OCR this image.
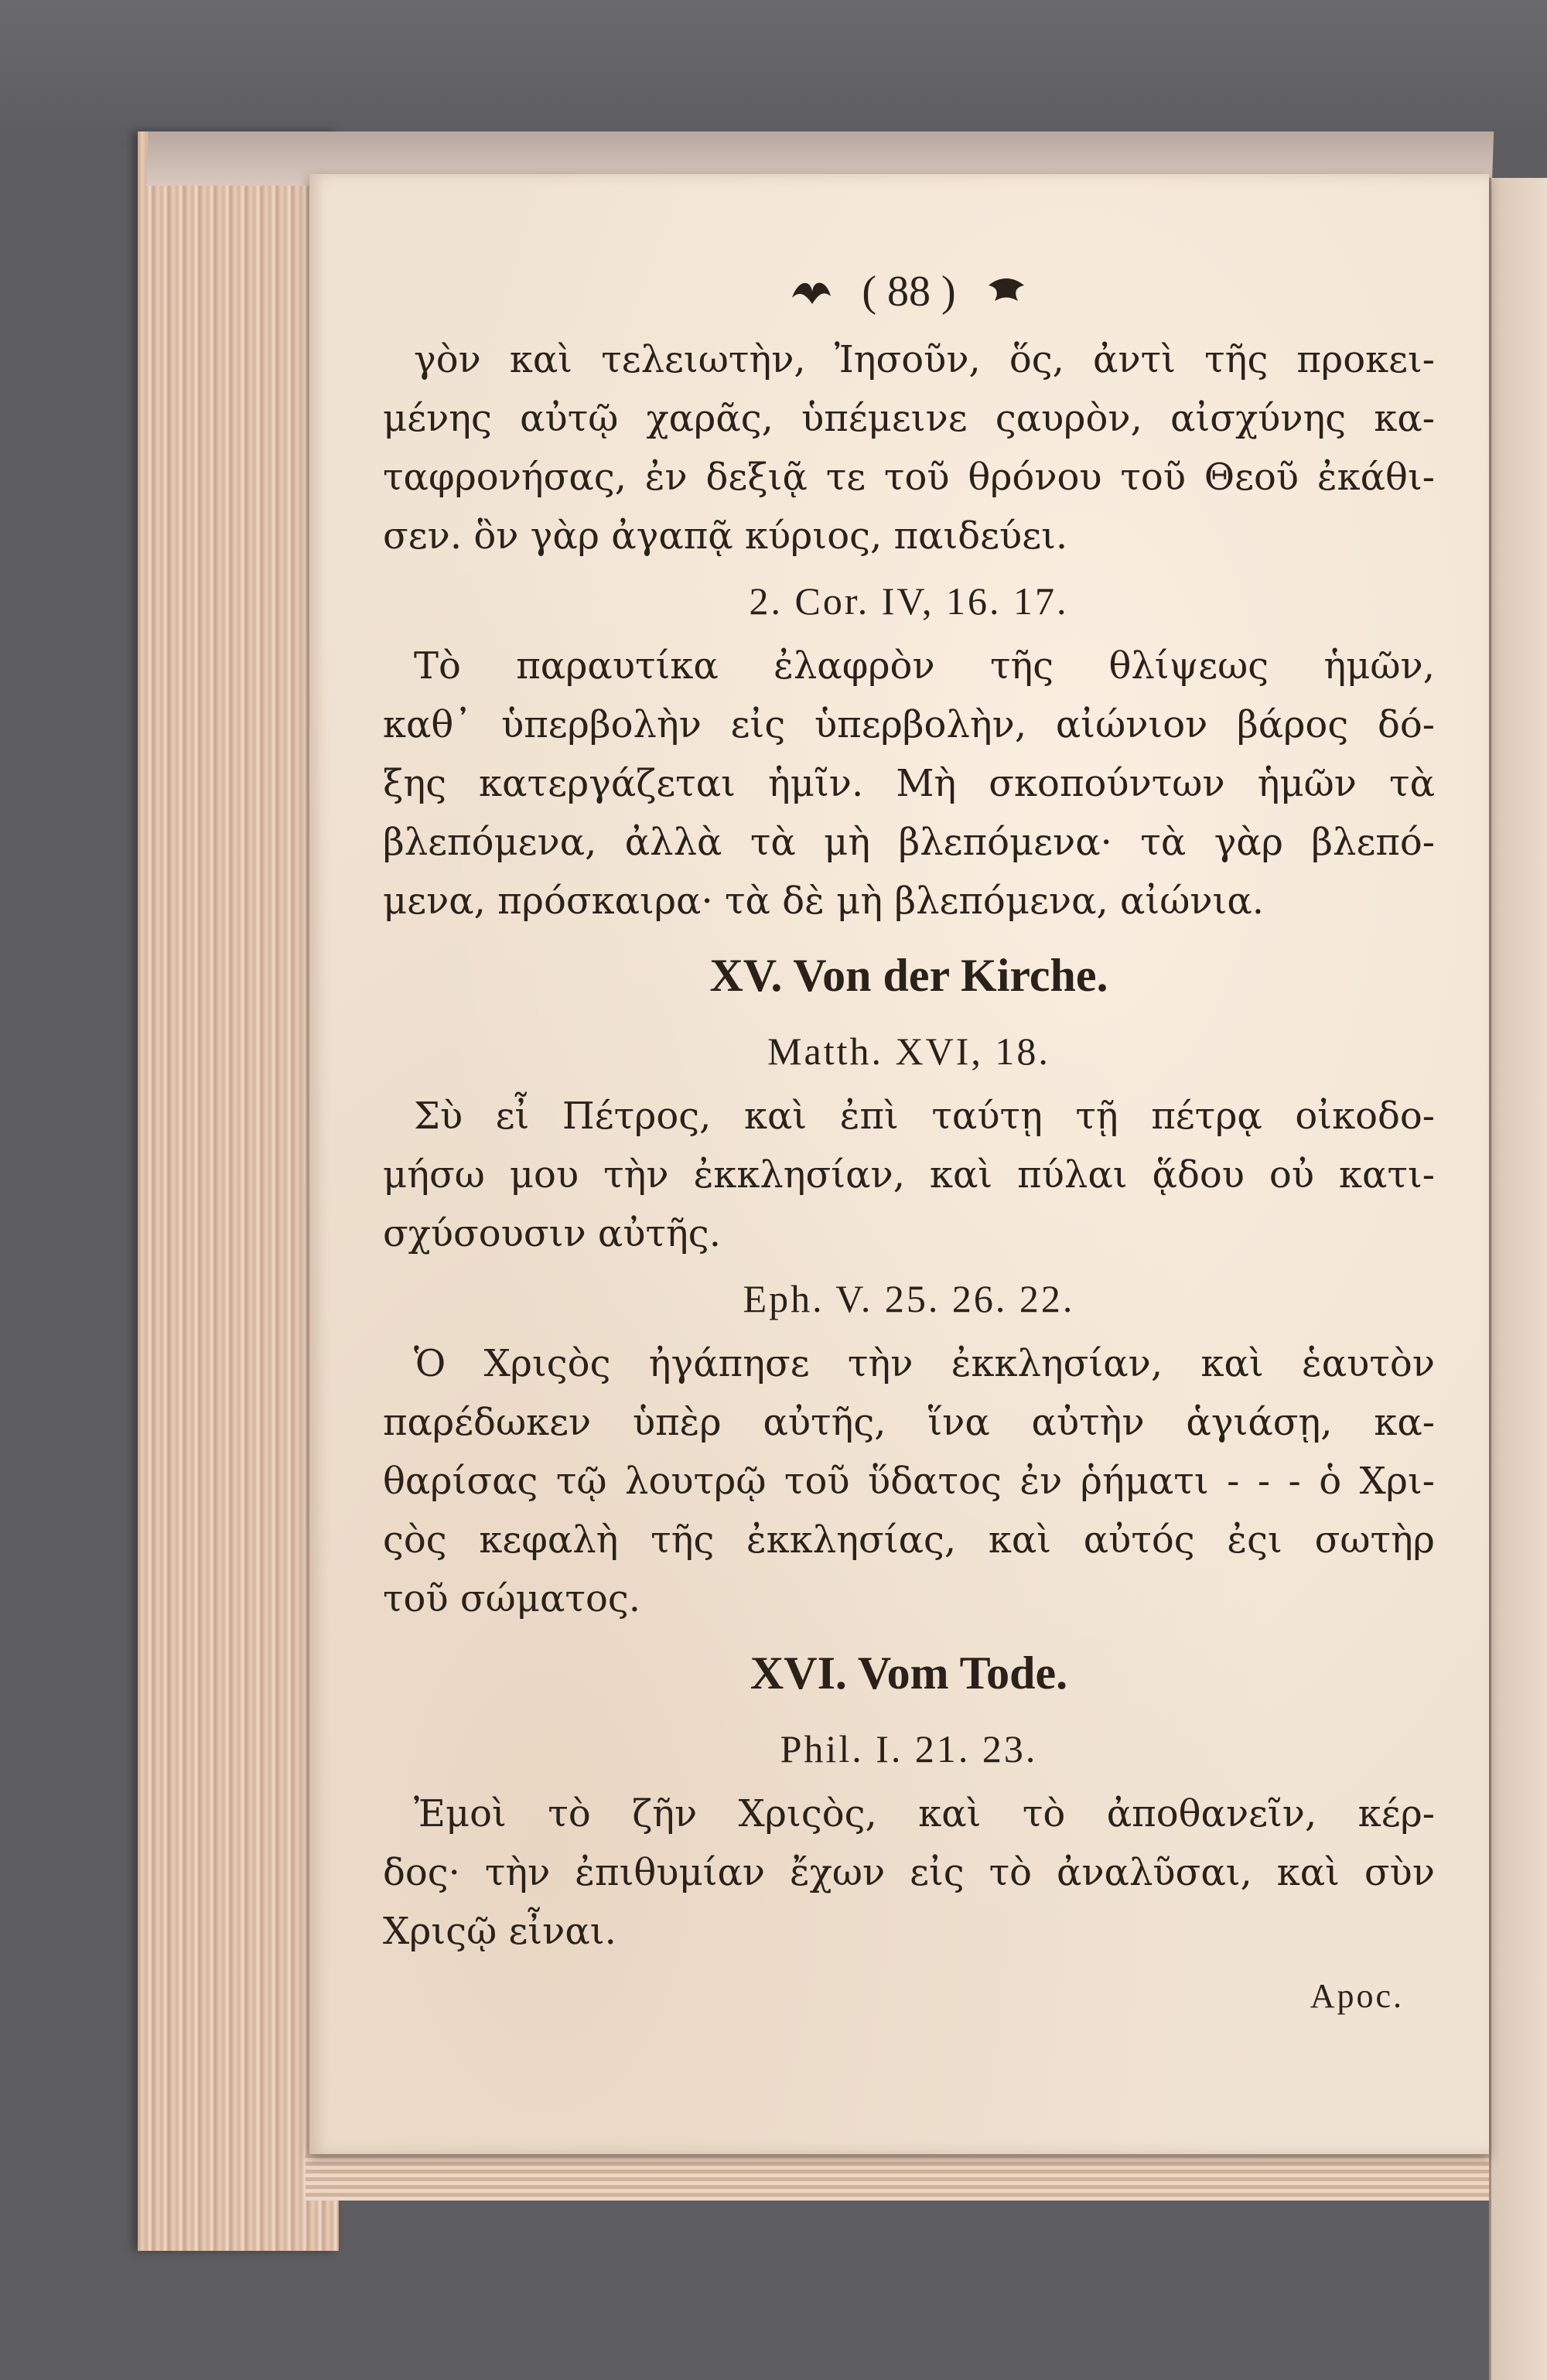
( 88 )
γὸν καὶ τελειωτὴν, Ἰησοῦν, ὅς, ἀντὶ τῆς προκει-
μένης αὐτῷ χαρᾶς, ὑπέμεινε ςαυρὸν, αἰσχύνης κα-
ταφρονήσας, ἐν δεξιᾷ τε τοῦ θρόνου τοῦ Θεοῦ ἐκάθι-
σεν. ὃν γὰρ ἀγαπᾷ κύριος, παιδεύει.
2. Cor. IV, 16. 17.
Τὸ παραυτίκα ἐλαφρὸν τῆς θλίψεως ἡμῶν,
καθ᾽ ὑπερβολὴν εἰς ὑπερβολὴν, αἰώνιον βάρος δό-
ξης κατεργάζεται ἡμῖν. Μὴ σκοπούντων ἡμῶν τὰ
βλεπόμενα, ἀλλὰ τὰ μὴ βλεπόμενα· τὰ γὰρ βλεπό-
μενα, πρόσκαιρα· τὰ δὲ μὴ βλεπόμενα, αἰώνια.
XV. Von der Kirche.
Matth. XVI, 18.
Σὺ εἶ Πέτρος, καὶ ἐπὶ ταύτῃ τῇ πέτρᾳ οἰκοδο-
μήσω μου τὴν ἐκκλησίαν, καὶ πύλαι ᾅδου οὐ κατι-
σχύσουσιν αὐτῆς.
Eph. V. 25. 26. 22.
Ὁ Χριςὸς ἠγάπησε τὴν ἐκκλησίαν, καὶ ἑαυτὸν
παρέδωκεν ὑπὲρ αὐτῆς, ἵνα αὐτὴν ἁγιάσῃ, κα-
θαρίσας τῷ λουτρῷ τοῦ ὕδατος ἐν ῥήματι - - - ὁ Χρι-
ςὸς κεφαλὴ τῆς ἐκκλησίας, καὶ αὐτός ἐςι σωτὴρ
τοῦ σώματος.
XVI. Vom Tode.
Phil. I. 21. 23.
Ἐμοὶ τὸ ζῆν Χριςὸς, καὶ τὸ ἀποθανεῖν, κέρ-
δος· τὴν ἐπιθυμίαν ἔχων εἰς τὸ ἀναλῦσαι, καὶ σὺν
Χριςῷ εἶναι.
Apoc.
